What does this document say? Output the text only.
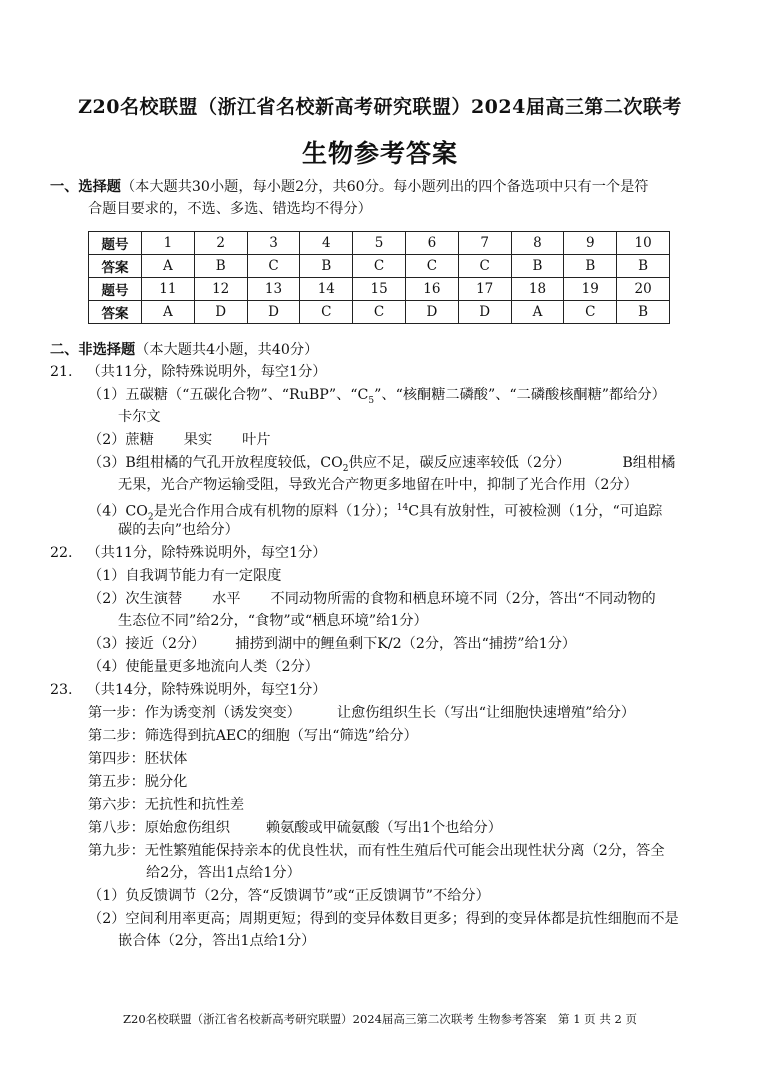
Z20名校联盟（浙江省名校新高考研究联盟）2024届高三第二次联考
生物参考答案
一、选择题（本大题共30小题，每小题2分，共60分。每小题列出的四个备选项中只有一个是符
合题目要求的，不选、多选、错选均不得分）
题号	1	2	3	4	5	6	7	8	9	10
答案	A	B	C	B	C	C	C	B	B	B
题号	11	12	13	14	15	16	17	18	19	20
答案	A	D	D	C	C	D	D	A	C	B
二、非选择题（本大题共4小题，共40分）
21. （共11分，除特殊说明外，每空1分）
（1）五碳糖（“五碳化合物”、“RuBP”、“$C_5$”、“核酮糖二磷酸”、“二磷酸核酮糖”都给分）
卡尔文
（2）蔗糖 果实 叶片
（3）B组柑橘的气孔开放程度较低，$CO_2$供应不足，碳反应速率较低（2分）	B组柑橘
无果，光合产物运输受阻，导致光合产物更多地留在叶中，抑制了光合作用（2分）
$(4)CO_2$是光合作用合成有机物的原料（1分）；$^{14}$C具有放射性，可被检测（1分，“可追踪
碳的去向”也给分）
22. （共11分，除特殊说明外，每空1分）
（1）自我调节能力有一定限度
（2）次生演替 水平 不同动物所需的食物和栖息环境不同（2分，答出“不同动物的
生态位不同”给2分，“食物”或“栖息环境”给1分）
（3）接近（2分） 捕捞到湖中的鲤鱼剩下K/2（2分，答出“捕捞”给1分）
（4）使能量更多地流向人类（2分）
23. （共14分，除特殊说明外，每空1分）
第一步：作为诱变剂（诱发突变）	让愈伤组织生长（写出“让细胞快速增殖”给分）
第二步：筛选得到抗AEC的细胞（写出“筛选”给分）
第四步：胚状体
第五步：脱分化
第六步：无抗性和抗性差
第八步：原始愈伤组织	赖氨酸或甲硫氨酸（写出1个也给分）
第九步：无性繁殖能保持亲本的优良性状，而有性生殖后代可能会出现性状分离（2分，答全
给2分，答出1点给1分）
（1）负反馈调节（2分，答“反馈调节”或“正反馈调节”不给分）
（2）空间利用率更高；周期更短；得到的变异体数目更多；得到的变异体都是抗性细胞而不是
嵌合体（2分，答出1点给1分）
Z20名校联盟（浙江省名校新高考研究联盟）2024届高三第二次联考 生物参考答案　第 1 页 共 2 页
